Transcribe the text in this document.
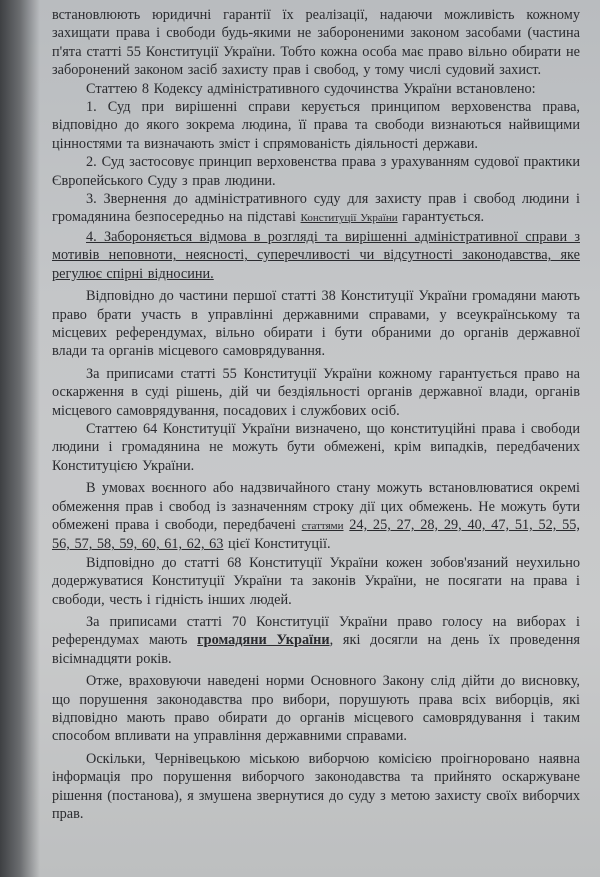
встановлюють юридичні гарантії їх реалізації, надаючи можливість кожному захищати права і свободи будь-якими не забороненими законом засобами (частина п'ята статті 55 Конституції України. Тобто кожна особа має право вільно обирати не заборонений законом засіб захисту прав і свобод, у тому числі судовий захист.

Статтею 8 Кодексу адміністративного судочинства України встановлено:

1. Суд при вирішенні справи керується принципом верховенства права, відповідно до якого зокрема людина, її права та свободи визнаються найвищими цінностями та визначають зміст і спрямованість діяльності держави.

2. Суд застосовує принцип верховенства права з урахуванням судової практики Європейського Суду з прав людини.

3. Звернення до адміністративного суду для захисту прав і свобод людини і громадянина безпосередньо на підставі Конституції України гарантується.

4. Забороняється відмова в розгляді та вирішенні адміністративної справи з мотивів неповноти, неясності, суперечливості чи відсутності законодавства, яке регулює спірні відносини.

Відповідно до частини першої статті 38 Конституції України громадяни мають право брати участь в управлінні державними справами, у всеукраїнському та місцевих референдумах, вільно обирати і бути обраними до органів державної влади та органів місцевого самоврядування.

За приписами статті 55 Конституції України кожному гарантується право на оскарження в суді рішень, дій чи бездіяльності органів державної влади, органів місцевого самоврядування, посадових і службових осіб.

Статтею 64 Конституції України визначено, що конституційні права і свободи людини і громадянина не можуть бути обмежені, крім випадків, передбачених Конституцією України.

В умовах воєнного або надзвичайного стану можуть встановлюватися окремі обмеження прав і свобод із зазначенням строку дії цих обмежень. Не можуть бути обмежені права і свободи, передбачені статтями 24, 25, 27, 28, 29, 40, 47, 51, 52, 55, 56, 57, 58, 59, 60, 61, 62, 63 цієї Конституції.

Відповідно до статті 68 Конституції України кожен зобов'язаний неухильно додержуватися Конституції України та законів України, не посягати на права і свободи, честь і гідність інших людей.

За приписами статті 70 Конституції України право голосу на виборах і референдумах мають громадяни України, які досягли на день їх проведення вісімнадцяти років.

Отже, враховуючи наведені норми Основного Закону слід дійти до висновку, що порушення законодавства про вибори, порушують права всіх виборців, які відповідно мають право обирати до органів місцевого самоврядування і таким способом впливати на управління державними справами.

Оскільки, Чернівецькою міською виборчою комісією проігноровано наявна інформація про порушення виборчого законодавства та прийнято оскаржуване рішення (постанова), я змушена звернутися до суду з метою захисту своїх виборчих прав.
